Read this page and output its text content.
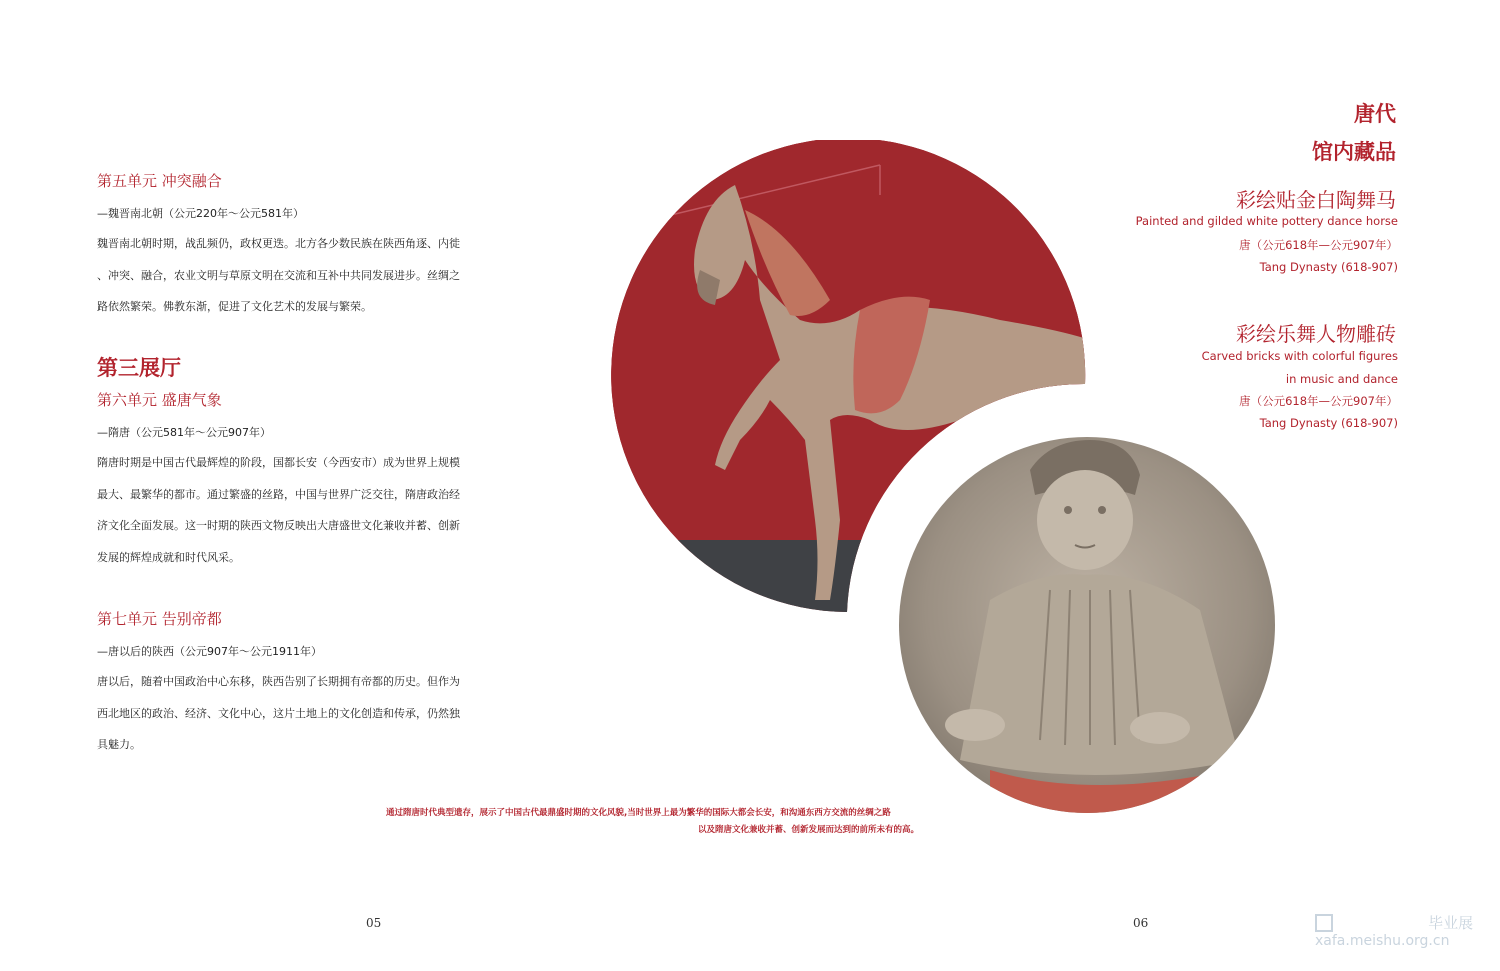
第五单元 冲突融合
—魏晋南北朝（公元220年～公元581年）
魏晋南北朝时期，战乱频仍，政权更迭。北方各少数民族在陕西角逐、内徙
、冲突、融合，农业文明与草原文明在交流和互补中共同发展进步。丝绸之
路依然繁荣。佛教东渐，促进了文化艺术的发展与繁荣。
第三展厅
第六单元 盛唐气象
—隋唐（公元581年～公元907年）
隋唐时期是中国古代最辉煌的阶段，国都长安（今西安市）成为世界上规模
最大、最繁华的都市。通过繁盛的丝路，中国与世界广泛交往，隋唐政治经
济文化全面发展。这一时期的陕西文物反映出大唐盛世文化兼收并蓄、创新
发展的辉煌成就和时代风采。
第七单元 告别帝都
—唐以后的陕西（公元907年～公元1911年）
唐以后，随着中国政治中心东移，陕西告别了长期拥有帝都的历史。但作为
西北地区的政治、经济、文化中心，这片土地上的文化创造和传承，仍然独
具魅力。
唐代
馆内藏品
彩绘贴金白陶舞马
Painted and gilded white pottery dance horse
唐（公元618年—公元907年）
Tang Dynasty (618-907)
彩绘乐舞人物雕砖
Carved bricks with colorful figures
in music and dance
唐（公元618年—公元907年）
Tang Dynasty (618-907)
通过隋唐时代典型遗存，展示了中国古代最鼎盛时期的文化风貌,当时世界上最为繁华的国际大都会长安，和沟通东西方交流的丝绸之路
以及隋唐文化兼收并蓄、创新发展而达到的前所未有的高。
05	06	毕业展
xafa.meishu.org.cn
